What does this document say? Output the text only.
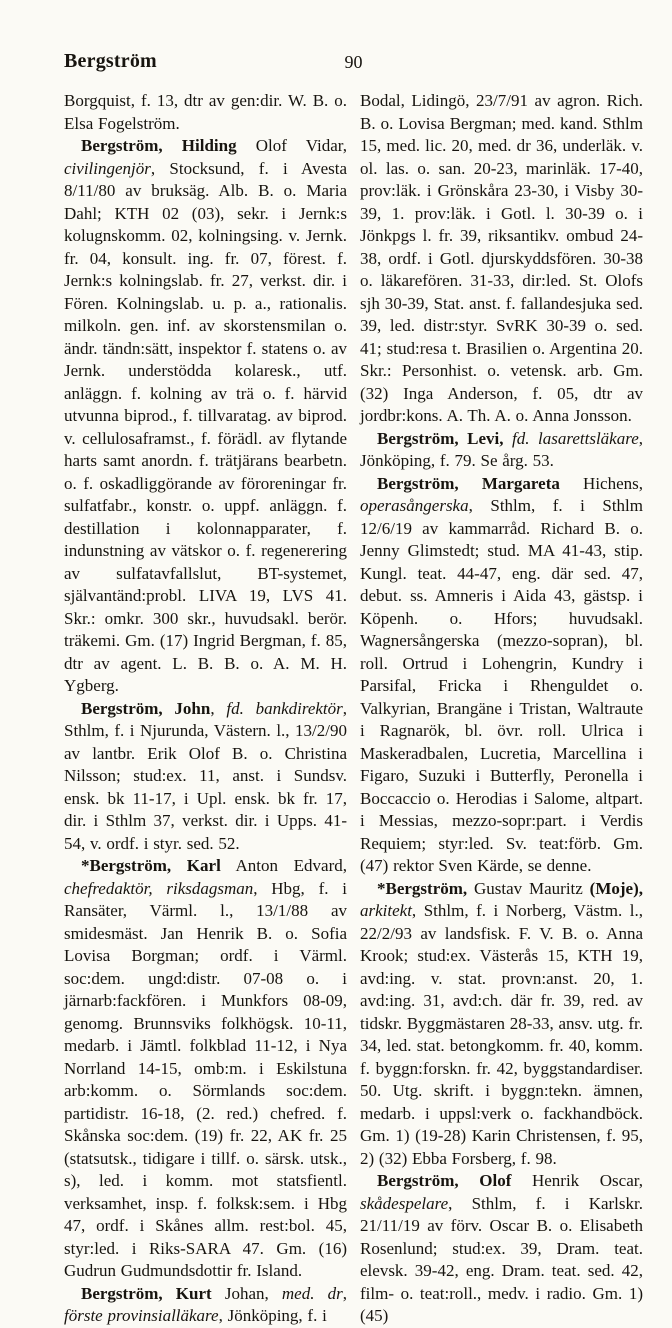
Bergström	90

Borgquist, f. 13, dtr av gen:dir. W. B. o. Elsa Fogelström.

Bergström, Hilding Olof Vidar, civilingenjör, Stocksund, f. i Avesta 8/11/80 av bruksäg. Alb. B. o. Maria Dahl; KTH 02 (03), sekr. i Jernk:s kolugnskomm. 02, kolningsing. v. Jernk. fr. 04, konsult. ing. fr. 07, förest. f. Jernk:s kolningslab. fr. 27, verkst. dir. i Fören. Kolningslab. u. p. a., rationalis. milkoln. gen. inf. av skorstensmilan o. ändr. tändn:sätt, inspektor f. statens o. av Jernk. understödda kolaresk., utf. anläggn. f. kolning av trä o. f. härvid utvunna biprod., f. tillvaratag. av biprod. v. cellulosaframst., f. förädl. av flytande harts samt anordn. f. trätjärans bearbetn. o. f. oskadliggörande av föroreningar fr. sulfatfabr., konstr. o. uppf. anläggn. f. destillation i kolonnapparater, f. indunstning av vätskor o. f. regenerering av sulfatavfallslut, BT-systemet, självantänd:probl. LIVA 19, LVS 41. Skr.: omkr. 300 skr., huvudsakl. berör. träkemi. Gm. (17) Ingrid Bergman, f. 85, dtr av agent. L. B. B. o. A. M. H. Ygberg.

Bergström, John, fd. bankdirektör, Sthlm, f. i Njurunda, Västern. l., 13/2/90 av lantbr. Erik Olof B. o. Christina Nilsson; stud:ex. 11, anst. i Sundsv. ensk. bk 11-17, i Upl. ensk. bk fr. 17, dir. i Sthlm 37, verkst. dir. i Upps. 41-54, v. ordf. i styr. sed. 52.

*Bergström, Karl Anton Edvard, chefredaktör, riksdagsman, Hbg, f. i Ransäter, Värml. l., 13/1/88 av smidesmäst. Jan Henrik B. o. Sofia Lovisa Borgman; ordf. i Värml. soc:dem. ungd:distr. 07-08 o. i järnarb:fackfören. i Munkfors 08-09, genomg. Brunnsviks folkhögsk. 10-11, medarb. i Jämtl. folkblad 11-12, i Nya Norrland 14-15, omb:m. i Eskilstuna arb:komm. o. Sörmlands soc:dem. partidistr. 16-18, (2. red.) chefred. f. Skånska soc:dem. (19) fr. 22, AK fr. 25 (statsutsk., tidigare i tillf. o. särsk. utsk., s), led. i komm. mot statsfientl. verksamhet, insp. f. folksk:sem. i Hbg 47, ordf. i Skånes allm. rest:bol. 45, styr:led. i Riks-SARA 47. Gm. (16) Gudrun Gudmundsdottir fr. Island.

Bergström, Kurt Johan, med. dr, förste provinsialläkare, Jönköping, f. i

Bodal, Lidingö, 23/7/91 av agron. Rich. B. o. Lovisa Bergman; med. kand. Sthlm 15, med. lic. 20, med. dr 36, underläk. v. ol. las. o. san. 20-23, marinläk. 17-40, prov:läk. i Grönskåra 23-30, i Visby 30-39, 1. prov:läk. i Gotl. l. 30-39 o. i Jönkpgs l. fr. 39, riksantikv. ombud 24-38, ordf. i Gotl. djurskyddsfören. 30-38 o. läkarefören. 31-33, dir:led. St. Olofs sjh 30-39, Stat. anst. f. fallandesjuka sed. 39, led. distr:styr. SvRK 30-39 o. sed. 41; stud:resa t. Brasilien o. Argentina 20. Skr.: Personhist. o. vetensk. arb. Gm. (32) Inga Anderson, f. 05, dtr av jordbr:kons. A. Th. A. o. Anna Jonsson.

Bergström, Levi, fd. lasarettsläkare, Jönköping, f. 79. Se årg. 53.

Bergström, Margareta Hichens, operasångerska, Sthlm, f. i Sthlm 12/6/19 av kammarråd. Richard B. o. Jenny Glimstedt; stud. MA 41-43, stip. Kungl. teat. 44-47, eng. där sed. 47, debut. ss. Amneris i Aida 43, gästsp. i Köpenh. o. Hfors; huvudsakl. Wagnersångerska (mezzo-sopran), bl. roll. Ortrud i Lohengrin, Kundry i Parsifal, Fricka i Rhenguldet o. Valkyrian, Brangäne i Tristan, Waltraute i Ragnarök, bl. övr. roll. Ulrica i Maskeradbalen, Lucretia, Marcellina i Figaro, Suzuki i Butterfly, Peronella i Boccaccio o. Herodias i Salome, altpart. i Messias, mezzo-sopr:part. i Verdis Requiem; styr:led. Sv. teat:förb. Gm. (47) rektor Sven Kärde, se denne.

*Bergström, Gustav Mauritz (Moje), arkitekt, Sthlm, f. i Norberg, Västm. l., 22/2/93 av landsfisk. F. V. B. o. Anna Krook; stud:ex. Västerås 15, KTH 19, avd:ing. v. stat. provn:anst. 20, 1. avd:ing. 31, avd:ch. där fr. 39, red. av tidskr. Byggmästaren 28-33, ansv. utg. fr. 34, led. stat. betongkomm. fr. 40, komm. f. byggn:forskn. fr. 42, byggstandardiser. 50. Utg. skrift. i byggn:tekn. ämnen, medarb. i uppsl:verk o. fackhandböck. Gm. 1) (19-28) Karin Christensen, f. 95, 2) (32) Ebba Forsberg, f. 98.

Bergström, Olof Henrik Oscar, skådespelare, Sthlm, f. i Karlskr. 21/11/19 av förv. Oscar B. o. Elisabeth Rosenlund; stud:ex. 39, Dram. teat. elevsk. 39-42, eng. Dram. teat. sed. 42, film- o. teat:roll., medv. i radio. Gm. 1) (45)
